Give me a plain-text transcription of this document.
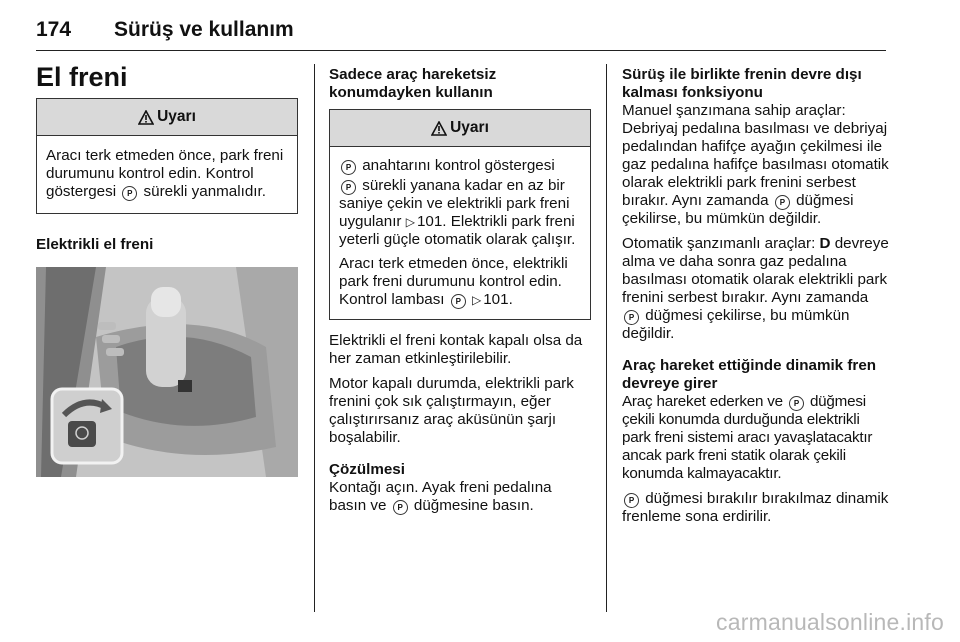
174 Sürüş ve kullanım
El freni
Uyarı

Aracı terk etmeden önce, park freni durumunu kontrol edin. Kontrol göstergesi P sürekli yanmalıdır.

Elektrikli el freni

Sadece araç hareketsiz konumdayken kullanın

Uyarı

P anahtarını kontrol göstergesi

P sürekli yanana kadar en az bir saniye çekin ve elektrikli park freni uygulanır ▷ 101. Elektrikli park freni yeterli güçle otomatik olarak çalışır.

Aracı terk etmeden önce, elektrikli park freni durumunu kontrol edin. Kontrol lambası P ▷ 101.

Elektrikli el freni kontak kapalı olsa da her zaman etkinleştirilebilir.

Motor kapalı durumda, elektrikli park frenini çok sık çalıştırmayın, eğer çalıştırırsanız araç aküsünün şarjı boşalabilir.

Çözülmesi

Kontağı açın. Ayak freni pedalına basın ve P düğmesine basın.

Sürüş ile birlikte frenin devre dışı kalması fonksiyonu

Manuel şanzımana sahip araçlar: Debriyaj pedalına basılması ve debriyaj pedalından hafifçe ayağın çekilmesi ile gaz pedalına hafifçe basılması otomatik olarak elektrikli park frenini serbest bırakır. Aynı zamanda P düğmesi çekilirse, bu mümkün değildir.

Otomatik şanzımanlı araçlar: D devreye alma ve daha sonra gaz pedalına basılması otomatik olarak elektrikli park frenini serbest bırakır. Aynı zamanda P düğmesi çekilirse, bu mümkün değildir.

Araç hareket ettiğinde dinamik fren devreye girer

Araç hareket ederken ve P düğmesi çekili konumda durduğunda elektrikli park freni sistemi aracı yavaşlatacaktır ancak park freni statik olarak çekili konumda kalmayacaktır.

P düğmesi bırakılır bırakılmaz dinamik frenleme sona erdirilir.

carmanualsonline.info
